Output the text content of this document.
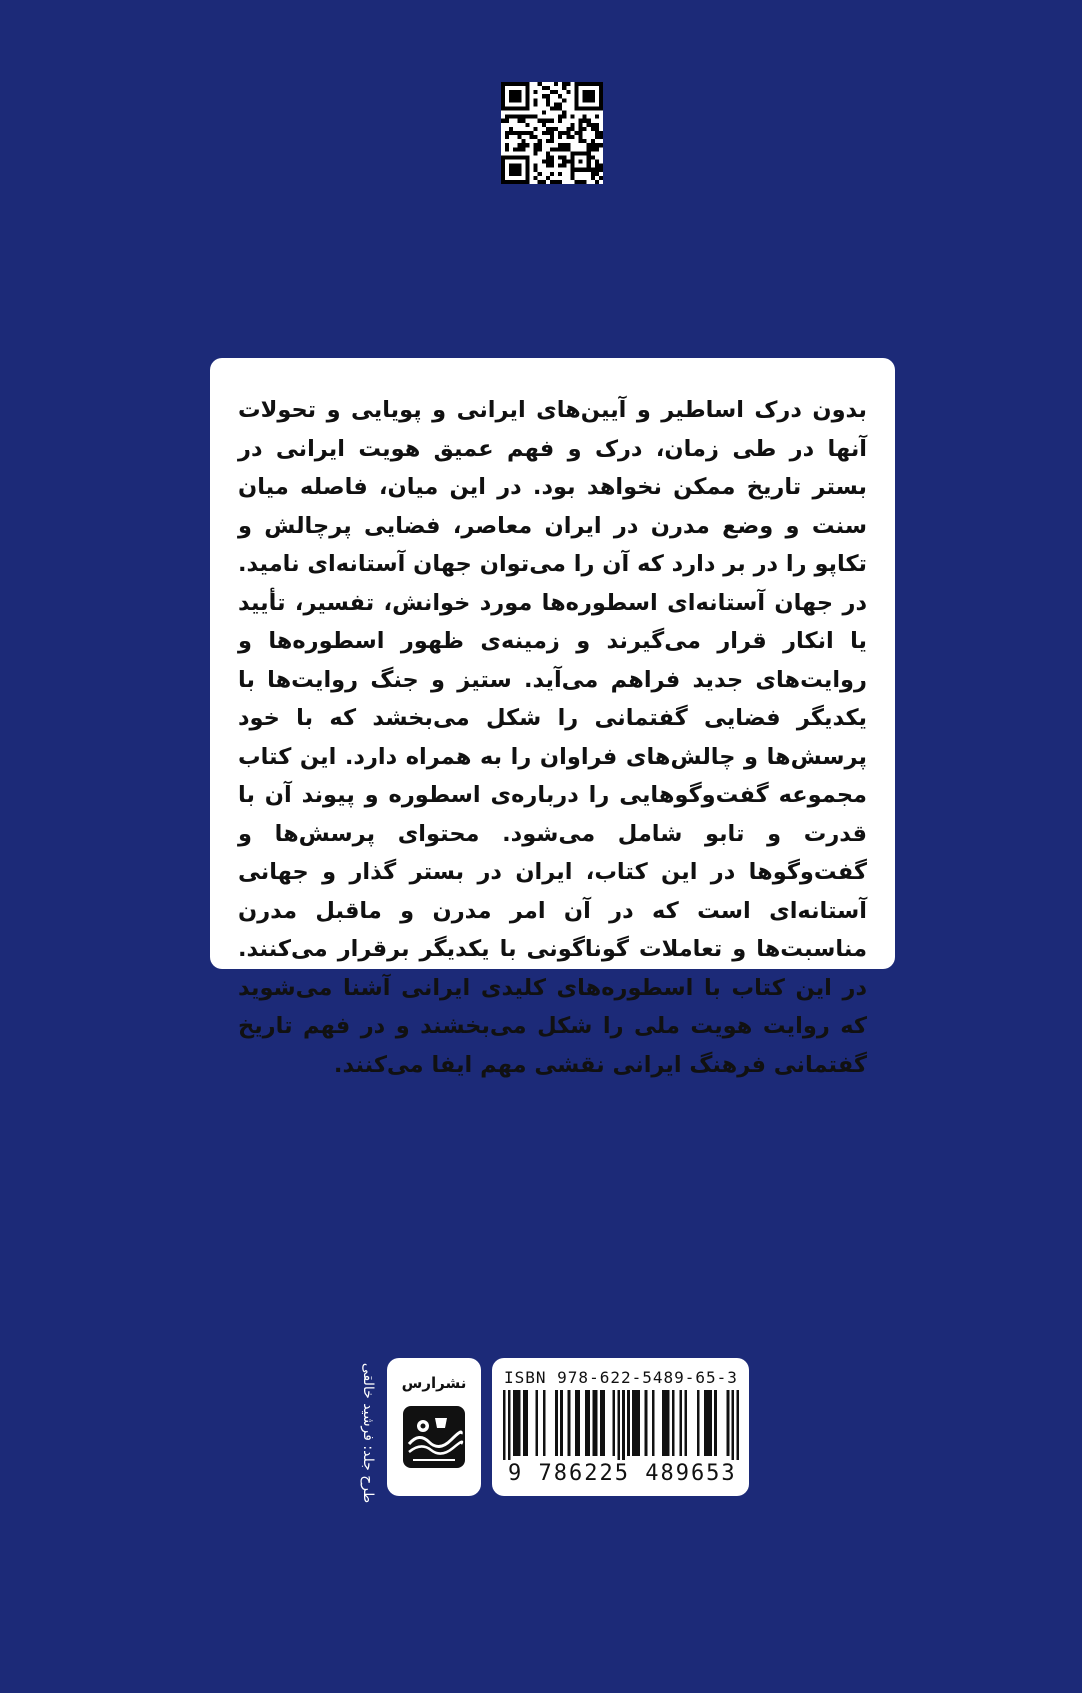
بدون درک اساطیر و آیین‌های ایرانی و پویایی و تحولات آنها در طی زمان، درک و فهم عمیق هویت ایرانی در بستر تاریخ ممکن نخواهد بود. در این میان، فاصله میان سنت و وضع مدرن در ایران معاصر، فضایی پرچالش و تکاپو را در بر دارد که آن را می‌توان جهان آستانه‌ای نامید. در جهان آستانه‌ای اسطوره‌ها مورد خوانش، تفسیر، تأیید یا انکار قرار می‌گیرند و زمینه‌ی ظهور اسطوره‌ها و روایت‌های جدید فراهم می‌آید. ستیز و جنگ روایت‌ها با یکدیگر فضایی گفتمانی را شکل می‌بخشد که با خود پرسش‌ها و چالش‌های فراوان را به همراه دارد. این کتاب مجموعه گفت‌وگوهایی را درباره‌ی اسطوره و پیوند آن با قدرت و تابو شامل می‌شود. محتوای پرسش‌ها و گفت‌وگوها در این کتاب، ایران در بستر گذار و جهانی آستانه‌ای است که در آن امر مدرن و ماقبل مدرن مناسبت‌ها و تعاملات گوناگونی با یکدیگر برقرار می‌کنند. در این کتاب با اسطوره‌های کلیدی ایرانی آشنا می‌شوید که روایت هویت ملی را شکل می‌بخشند و در فهم تاریخ گفتمانی فرهنگ ایرانی نقشی مهم ایفا می‌کنند.

طرح جلد: فرشید خالقی	نشرارس	ISBN 978-622-5489-65-3
9 786225 489653
